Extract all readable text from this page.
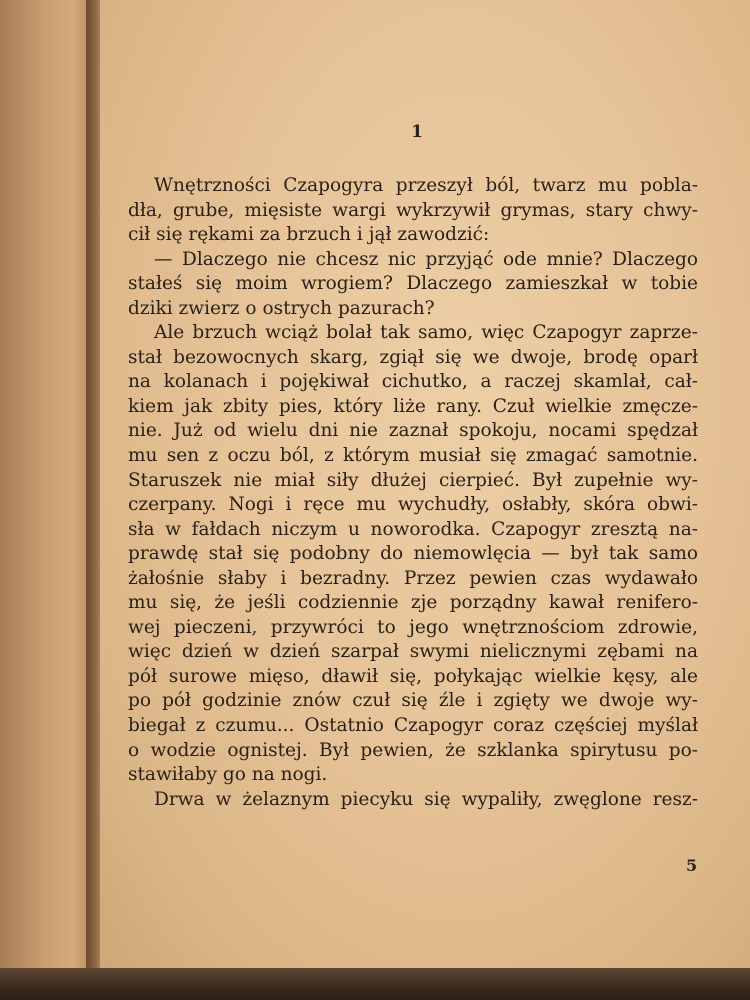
1
Wnętrzności Czapogyra przeszył ból, twarz mu pobla-
dła, grube, mięsiste wargi wykrzywił grymas, stary chwy-
cił się rękami za brzuch i jął zawodzić:
— Dlaczego nie chcesz nic przyjąć ode mnie? Dlaczego
stałeś się moim wrogiem? Dlaczego zamieszkał w tobie
dziki zwierz o ostrych pazurach?
Ale brzuch wciąż bolał tak samo, więc Czapogyr zaprze-
stał bezowocnych skarg, zgiął się we dwoje, brodę oparł
na kolanach i pojękiwał cichutko, a raczej skamlał, cał-
kiem jak zbity pies, który liże rany. Czuł wielkie zmęcze-
nie. Już od wielu dni nie zaznał spokoju, nocami spędzał
mu sen z oczu ból, z którym musiał się zmagać samotnie.
Staruszek nie miał siły dłużej cierpieć. Był zupełnie wy-
czerpany. Nogi i ręce mu wychudły, osłabły, skóra obwi-
sła w fałdach niczym u noworodka. Czapogyr zresztą na-
prawdę stał się podobny do niemowlęcia — był tak samo
żałośnie słaby i bezradny. Przez pewien czas wydawało
mu się, że jeśli codziennie zje porządny kawał renifero-
wej pieczeni, przywróci to jego wnętrznościom zdrowie,
więc dzień w dzień szarpał swymi nielicznymi zębami na
pół surowe mięso, dławił się, połykając wielkie kęsy, ale
po pół godzinie znów czuł się źle i zgięty we dwoje wy-
biegał z czumu... Ostatnio Czapogyr coraz częściej myślał
o wodzie ognistej. Był pewien, że szklanka spirytusu po-
stawiłaby go na nogi.
Drwa w żelaznym piecyku się wypaliły, zwęglone resz-
5
